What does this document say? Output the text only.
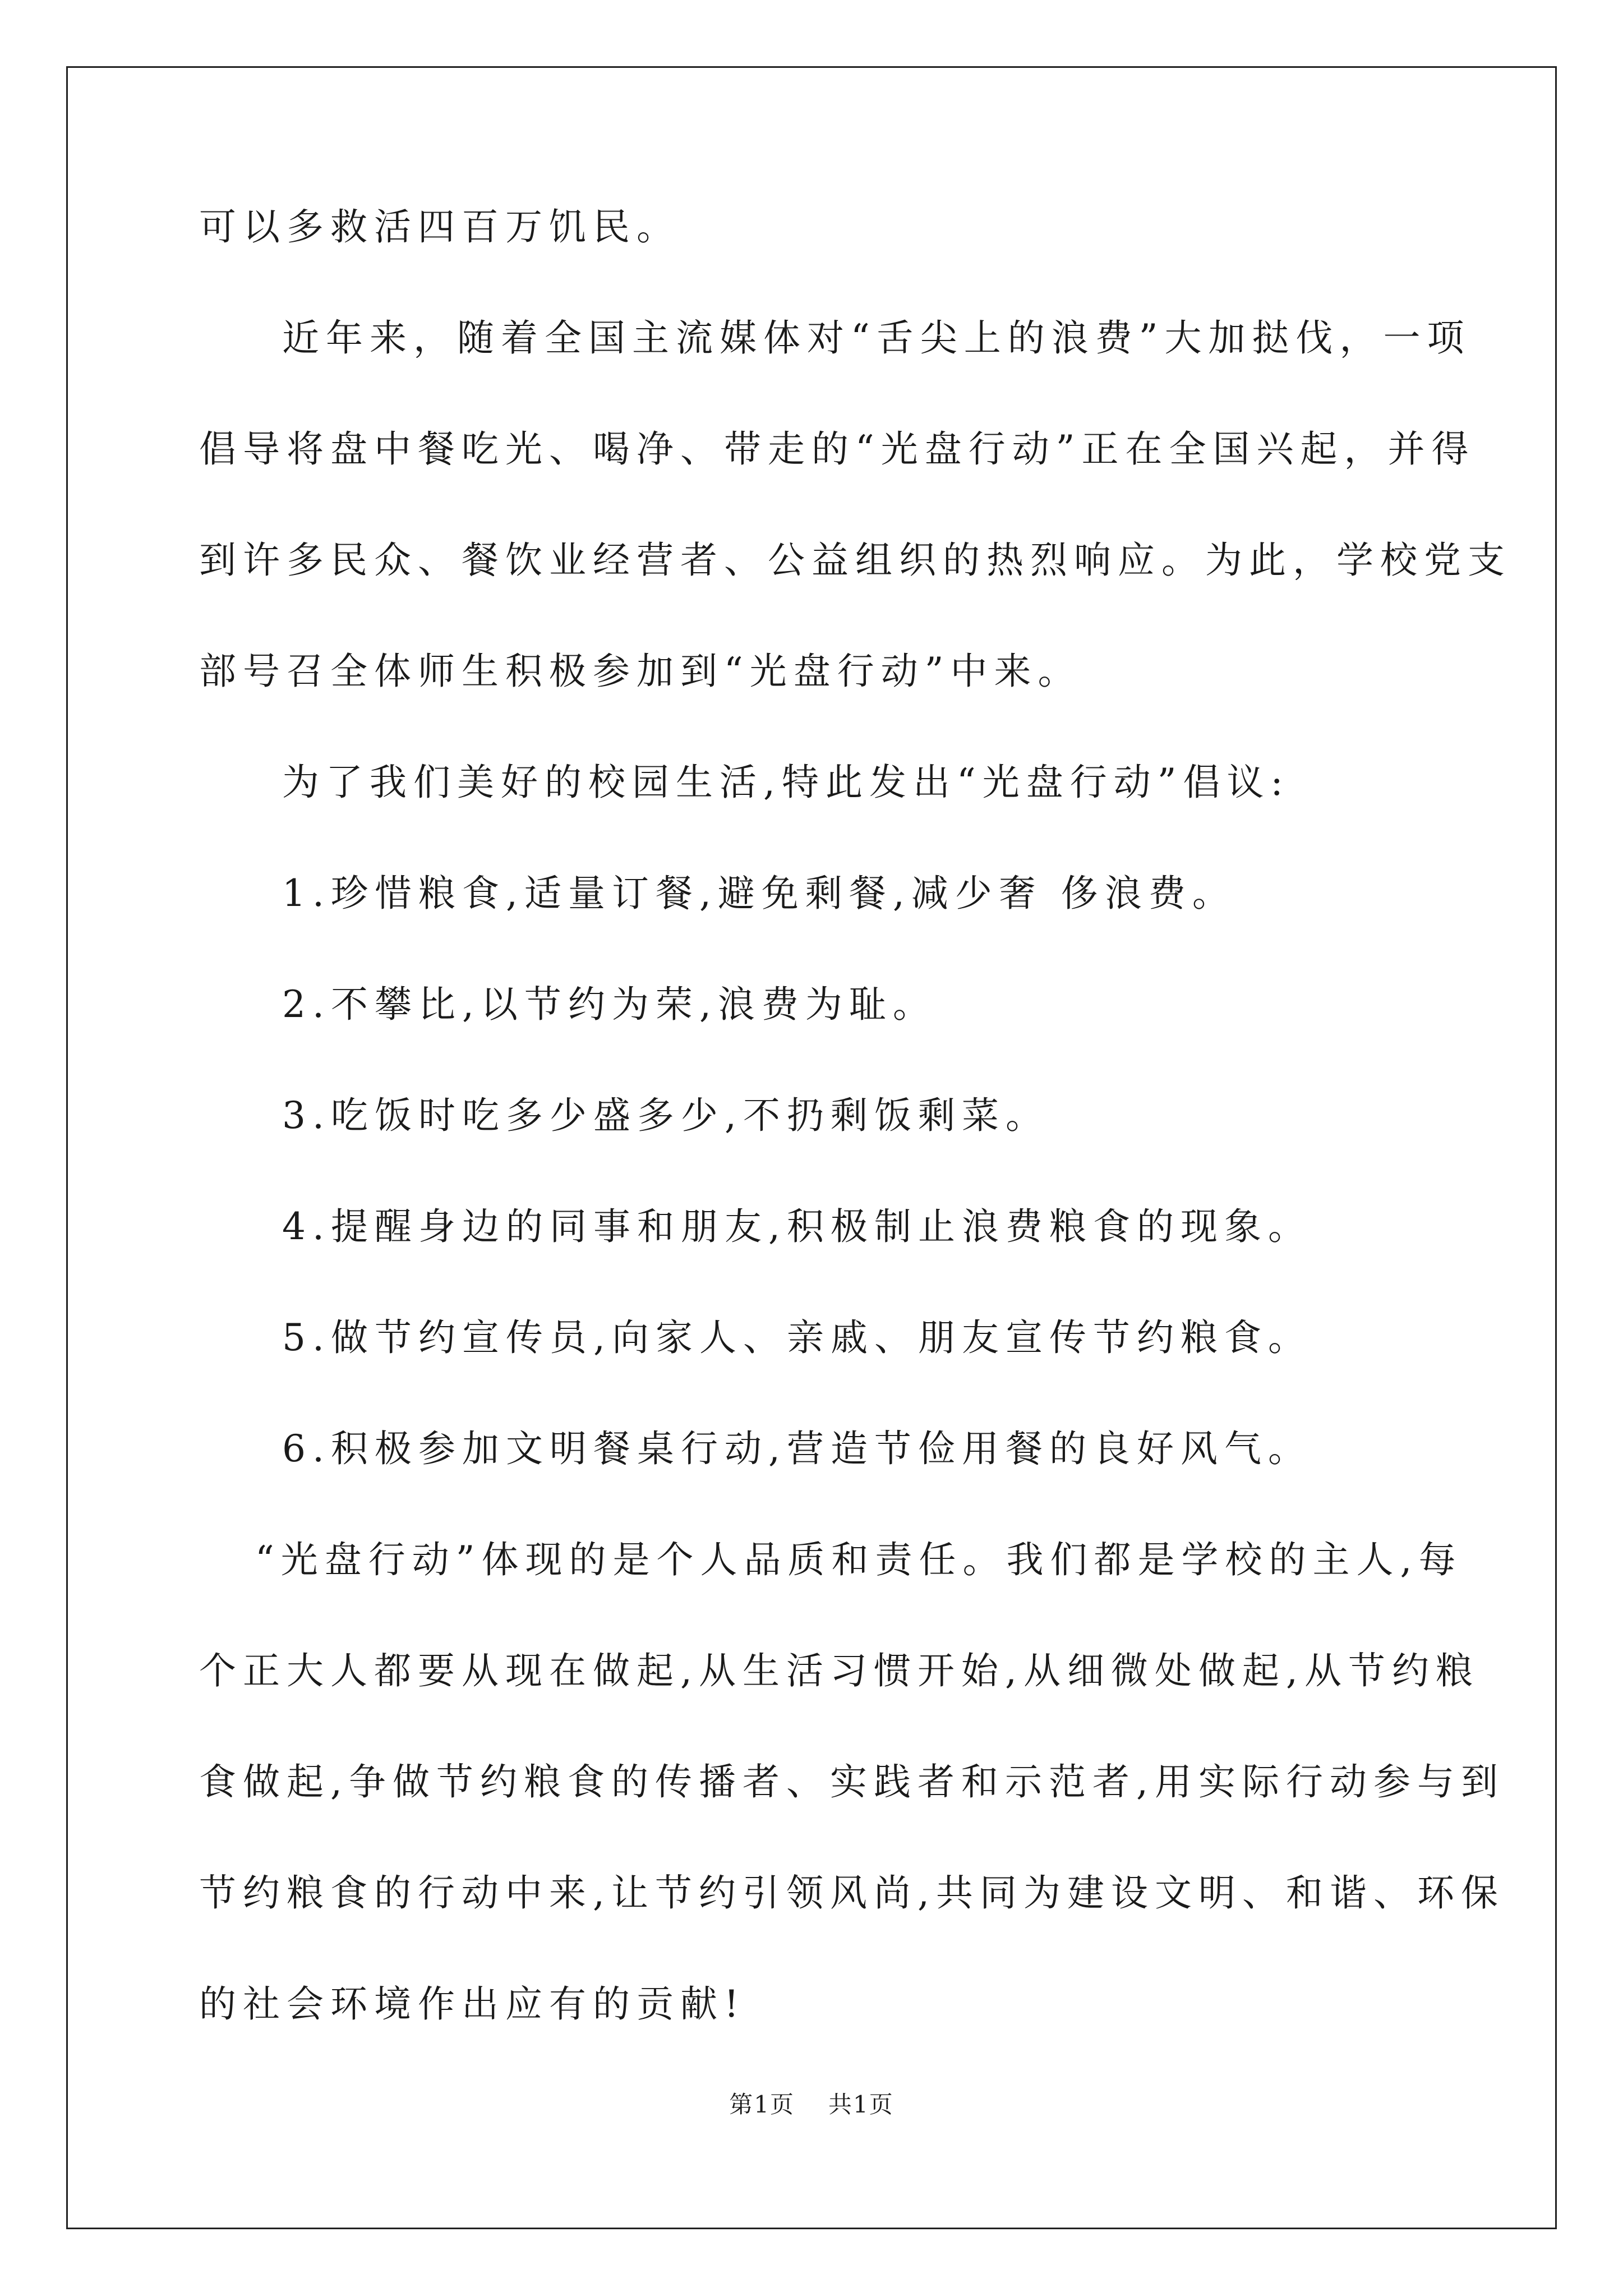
可以多救活四百万饥民。

近年来，随着全国主流媒体对“舌尖上的浪费”大加挞伐，一项

倡导将盘中餐吃光、喝净、带走的“光盘行动”正在全国兴起，并得

到许多民众、餐饮业经营者、公益组织的热烈响应。为此，学校党支

部号召全体师生积极参加到“光盘行动”中来。

为了我们美好的校园生活,特此发出“光盘行动”倡议:

1.珍惜粮食,适量订餐,避免剩餐,减少奢 侈浪费。

2.不攀比,以节约为荣,浪费为耻。

3.吃饭时吃多少盛多少,不扔剩饭剩菜。

4.提醒身边的同事和朋友,积极制止浪费粮食的现象。

5.做节约宣传员,向家人、亲戚、朋友宣传节约粮食。

6.积极参加文明餐桌行动,营造节俭用餐的良好风气。

“光盘行动”体现的是个人品质和责任。我们都是学校的主人,每

个正大人都要从现在做起,从生活习惯开始,从细微处做起,从节约粮

食做起,争做节约粮食的传播者、实践者和示范者,用实际行动参与到

节约粮食的行动中来,让节约引领风尚,共同为建设文明、和谐、环保

的社会环境作出应有的贡献!

第1页 共1页
